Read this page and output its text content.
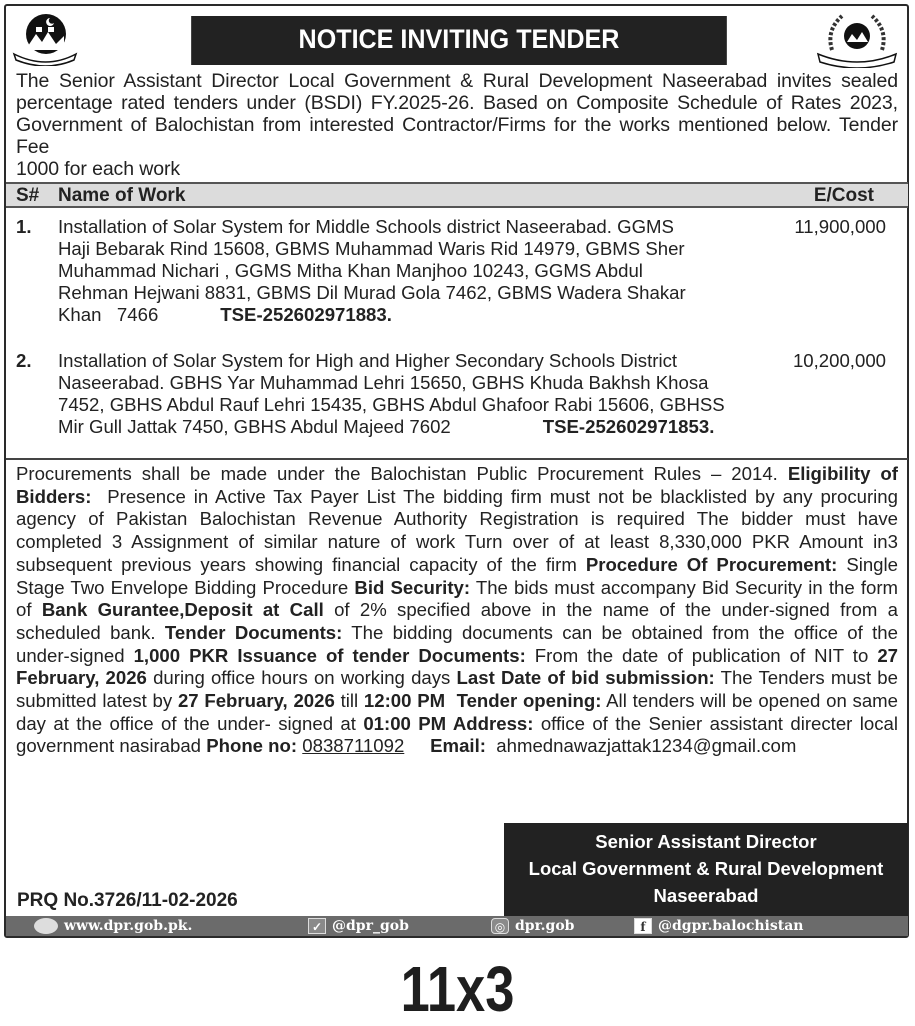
NOTICE INVITING TENDER
The Senior Assistant Director Local Government & Rural Development Naseerabad invites sealed
percentage rated tenders under (BSDI) FY.2025-26. Based on Composite Schedule of Rates 2023,
Government of Balochistan from interested Contractor/Firms for the works mentioned below. Tender Fee
1000 for each work
S# Name of Work	E/Cost
1. Installation of Solar System for Middle Schools district Naseerabad. GGMS
Haji Bebarak Rind 15608, GBMS Muhammad Waris Rid 14979, GBMS Sher
Muhammad Nichari , GGMS Mitha Khan Manjhoo 10243, GGMS Abdul
Rehman Hejwani 8831, GBMS Dil Murad Gola 7462, GBMS Wadera Shakar
Khan   7466	TSE-252602971883.
11,900,000
2. Installation of Solar System for High and Higher Secondary Schools District
Naseerabad. GBHS Yar Muhammad Lehri 15650, GBHS Khuda Bakhsh Khosa
7452, GBHS Abdul Rauf Lehri 15435, GBHS Abdul Ghafoor Rabi 15606, GBHSS
Mir Gull Jattak 7450, GBHS Abdul Majeed 7602	TSE-252602971853.
10,200,000
Procurements shall be made under the Balochistan Public Procurement Rules – 2014. Eligibility of
Bidders: Presence in Active Tax Payer List The bidding firm must not be blacklisted by any procuring
agency of Pakistan Balochistan Revenue Authority Registration is required The bidder must have
completed 3 Assignment of similar nature of work Turn over of at least 8,330,000 PKR Amount in3
subsequent previous years showing financial capacity of the firm Procedure Of Procurement: Single
Stage Two Envelope Bidding Procedure Bid Security: The bids must accompany Bid Security in the form
of Bank Gurantee,Deposit at Call of 2% specified above in the name of the under-signed from a
scheduled bank. Tender Documents: The bidding documents can be obtained from the office of the
under-signed 1,000 PKR Issuance of tender Documents: From the date of publication of NIT to 27
February, 2026 during office hours on working days Last Date of bid submission: The Tenders must be
submitted latest by 27 February, 2026 till 12:00 PM Tender opening: All tenders will be opened on same
day at the office of the under- signed at 01:00 PM Address: office of the Senier assistant directer local
government nasirabad Phone no: 0838711092 Email: ahmednawazjattak1234@gmail.com
Senior Assistant Director
Local Government & Rural Development
Naseerabad
PRQ No.3726/11-02-2026
www.dpr.gob.pk.	✓ @dpr_gob	◎ dpr.gob	f @dgpr.balochistan
11x3
